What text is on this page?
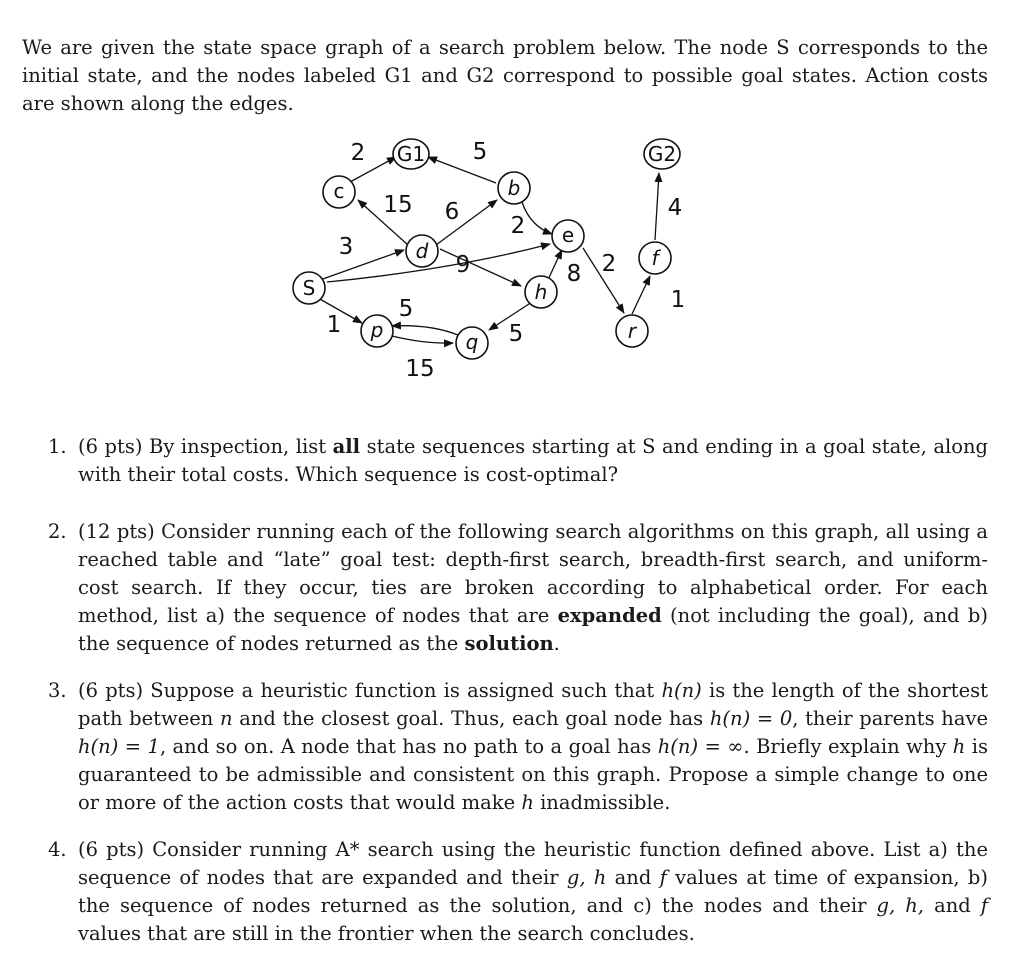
We are given the state space graph of a search problem below. The node S corresponds to the initial state, and the nodes labeled G1 and G2 correspond to possible goal states. Action costs are shown along the edges.

S
c
G1
d
p	q
b
e
h
f
r
G2
2
15
5
6
2
3
9	8 2
4
1
1
5
15
5
1. (6 pts) By inspection, list all state sequences starting at S and ending in a goal state, along with their total costs. Which sequence is cost-optimal?
2. (12 pts) Consider running each of the following search algorithms on this graph, all using a reached table and “late” goal test: depth-first search, breadth-first search, and uniform-cost search. If they occur, ties are broken according to alphabetical order. For each method, list a) the sequence of nodes that are expanded (not including the goal), and b) the sequence of nodes returned as the solution.
3. (6 pts) Suppose a heuristic function is assigned such that h(n) is the length of the shortest path between n and the closest goal. Thus, each goal node has h(n) = 0, their parents have h(n) = 1, and so on. A node that has no path to a goal has h(n) = ∞. Briefly explain why h is guaranteed to be admissible and consistent on this graph. Propose a simple change to one or more of the action costs that would make h inadmissible.
4. (6 pts) Consider running A* search using the heuristic function defined above. List a) the sequence of nodes that are expanded and their g, h and f values at time of expansion, b) the sequence of nodes returned as the solution, and c) the nodes and their g, h, and f values that are still in the frontier when the search concludes.
